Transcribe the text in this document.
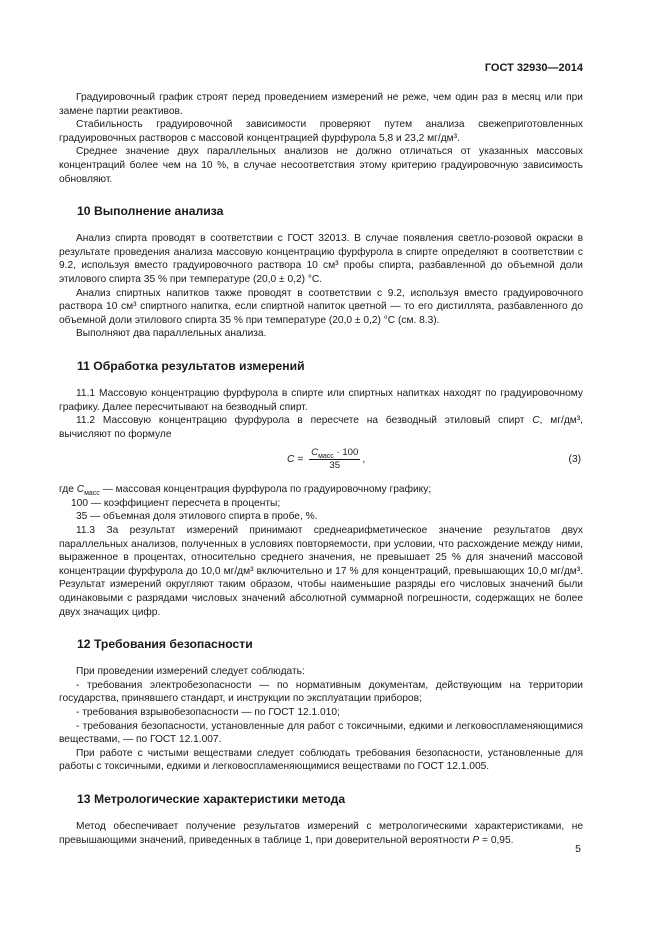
ГОСТ 32930—2014

Градуировочный график строят перед проведением измерений не реже, чем один раз в месяц или при замене партии реактивов.

Стабильность градуировочной зависимости проверяют путем анализа свежеприготовленных градуировочных растворов с массовой концентрацией фурфурола 5,8 и 23,2 мг/дм³.

Среднее значение двух параллельных анализов не должно отличаться от указанных массовых концентраций более чем на 10 %, в случае несоответствия этому критерию градуировочную зависимость обновляют.

10 Выполнение анализа

Анализ спирта проводят в соответствии с ГОСТ 32013. В случае появления светло-розовой окраски в результате проведения анализа массовую концентрацию фурфурола в спирте определяют в соответствии с 9.2, используя вместо градуировочного раствора 10 см³ пробы спирта, разбавленной до объемной доли этилового спирта 35 % при температуре (20,0 ± 0,2) °С.

Анализ спиртных напитков также проводят в соответствии с 9.2, используя вместо градуировочного раствора 10 см³ спиртного напитка, если спиртной напиток цветной — то его дистиллята, разбавленного до объемной доли этилового спирта 35 % при температуре (20,0 ± 0,2) °С (см. 8.3).

Выполняют два параллельных анализа.

11 Обработка результатов измерений

11.1 Массовую концентрацию фурфурола в спирте или спиртных напитках находят по градуировочному графику. Далее пересчитывают на безводный спирт.

11.2 Массовую концентрацию фурфурола в пересчете на безводный этиловый спирт С, мг/дм³, вычисляют по формуле

$С = \frac{С_{масс} \cdot 100}{35}$ ,	(3)
где $С_{масс}$ — массовая концентрация фурфурола по градуировочному графику;
100 — коэффициент пересчета в проценты;
35 — объемная доля этилового спирта в пробе, %.

11.3 За результат измерений принимают среднеарифметическое значение результатов двух параллельных анализов, полученных в условиях повторяемости, при условии, что расхождение между ними, выраженное в процентах, относительно среднего значения, не превышает 25 % для значений массовой концентрации фурфурола до 10,0 мг/дм³ включительно и 17 % для концентраций, превышающих 10,0 мг/дм³. Результат измерений округляют таким образом, чтобы наименьшие разряды его числовых значений были одинаковыми с разрядами числовых значений абсолютной суммарной погрешности, содержащих не более двух значащих цифр.

12 Требования безопасности

При проведении измерений следует соблюдать:

- требования электробезопасности — по нормативным документам, действующим на территории государства, принявшего стандарт, и инструкции по эксплуатации приборов;

- требования взрывобезопасности — по ГОСТ 12.1.010;

- требования безопасности, установленные для работ с токсичными, едкими и легковоспламеняющимися веществами, — по ГОСТ 12.1.007.

При работе с чистыми веществами следует соблюдать требования безопасности, установленные для работы с токсичными, едкими и легковоспламеняющимися веществами по ГОСТ 12.1.005.

13 Метрологические характеристики метода

Метод обеспечивает получение результатов измерений с метрологическими характеристиками, не превышающими значений, приведенных в таблице 1, при доверительной вероятности Р = 0,95.

5
